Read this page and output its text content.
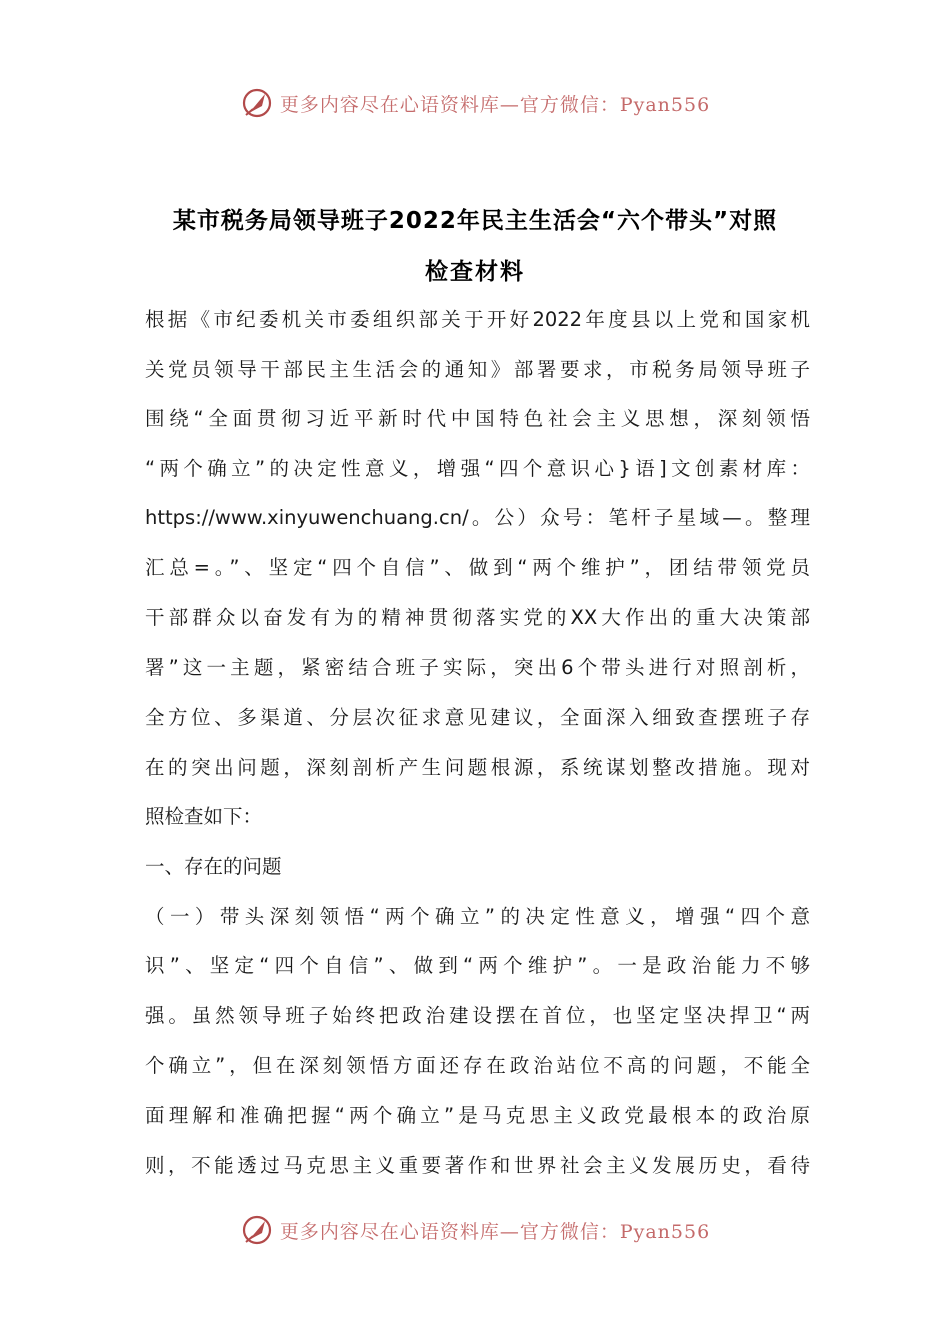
更多内容尽在心语资料库—官方微信：Pyan556
某市税务局领导班子2022年民主生活会“六个带头”对照
检查材料
根据《市纪委机关市委组织部关于开好2022年度县以上党和国家机
关党员领导干部民主生活会的通知》部署要求，市税务局领导班子
围绕“全面贯彻习近平新时代中国特色社会主义思想，深刻领悟
“两个确立”的决定性意义，增强“四个意识心}语]文创素材库：
https://www.xinyuwenchuang.cn/。公）众号：笔杆子星域—。整理
汇总=。”、坚定“四个自信”、做到“两个维护”，团结带领党员
干部群众以奋发有为的精神贯彻落实党的XX大作出的重大决策部
署”这一主题，紧密结合班子实际，突出6个带头进行对照剖析，
全方位、多渠道、分层次征求意见建议，全面深入细致查摆班子存
在的突出问题，深刻剖析产生问题根源，系统谋划整改措施。现对
照检查如下：
一、存在的问题
（一）带头深刻领悟“两个确立”的决定性意义，增强“四个意
识”、坚定“四个自信”、做到“两个维护”。一是政治能力不够
强。虽然领导班子始终把政治建设摆在首位，也坚定坚决捍卫“两
个确立”，但在深刻领悟方面还存在政治站位不高的问题，不能全
面理解和准确把握“两个确立”是马克思主义政党最根本的政治原
则，不能透过马克思主义重要著作和世界社会主义发展历史，看待
更多内容尽在心语资料库—官方微信：Pyan556
